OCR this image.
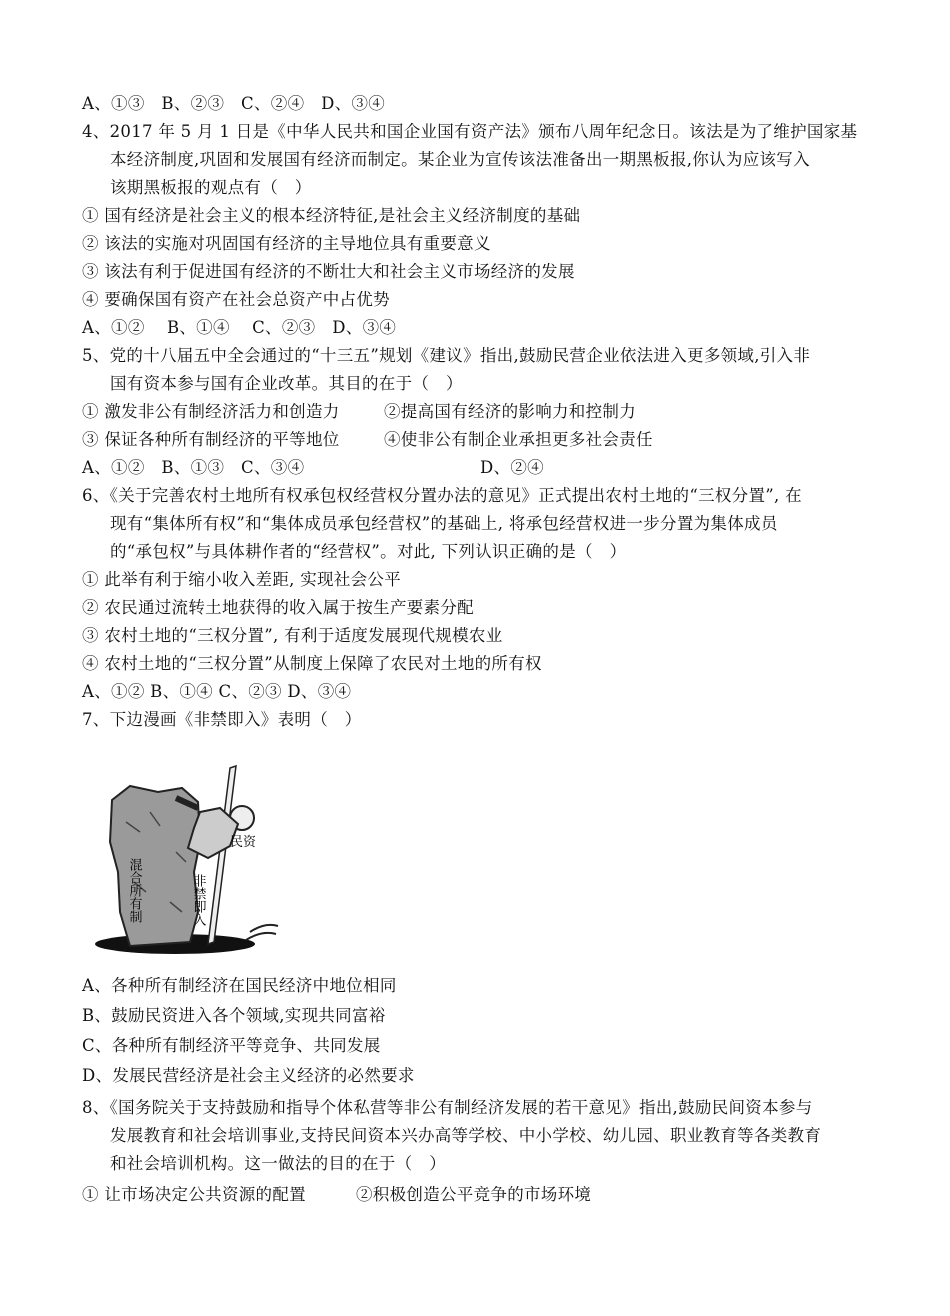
A、①③　B、②③　C、②④　D、③④
4、2017 年 5 月 1 日是《中华人民共和国企业国有资产法》颁布八周年纪念日。该法是为了维护国家基
本经济制度,巩固和发展国有经济而制定。某企业为宣传该法准备出一期黑板报,你认为应该写入
该期黑板报的观点有（　）
① 国有经济是社会主义的根本经济特征,是社会主义经济制度的基础
② 该法的实施对巩固国有经济的主导地位具有重要意义
③ 该法有利于促进国有经济的不断壮大和社会主义市场经济的发展
④ 要确保国有资产在社会总资产中占优势
A、①②　 B、①④　 C、②③　D、③④
5、党的十八届五中全会通过的“十三五”规划《建议》指出,鼓励民营企业依法进入更多领域,引入非
国有资本参与国有企业改革。其目的在于（　）
① 激发非公有制经济活力和创造力	②提高国有经济的影响力和控制力
③ 保证各种所有制经济的平等地位	④使非公有制企业承担更多社会责任
A、①②　B、①③　C、③④	D、②④
6、《关于完善农村土地所有权承包权经营权分置办法的意见》正式提出农村土地的“三权分置”, 在
现有“集体所有权”和“集体成员承包经营权”的基础上, 将承包经营权进一步分置为集体成员
的“承包权”与具体耕作者的“经营权”。对此, 下列认识正确的是（　）
① 此举有利于缩小收入差距, 实现社会公平
② 农民通过流转土地获得的收入属于按生产要素分配
③ 农村土地的“三权分置”, 有利于适度发展现代规模农业
④ 农村土地的“三权分置”从制度上保障了农民对土地的所有权
A、①② B、①④ C、②③ D、③④
7、下边漫画《非禁即入》表明（　）
混合所有制	非禁即入
民资
A、各种所有制经济在国民经济中地位相同
B、鼓励民资进入各个领域,实现共同富裕
C、各种所有制经济平等竞争、共同发展
D、发展民营经济是社会主义经济的必然要求
8、《国务院关于支持鼓励和指导个体私营等非公有制经济发展的若干意见》指出,鼓励民间资本参与
发展教育和社会培训事业,支持民间资本兴办高等学校、中小学校、幼儿园、职业教育等各类教育
和社会培训机构。这一做法的目的在于（　）
① 让市场决定公共资源的配置	②积极创造公平竞争的市场环境
